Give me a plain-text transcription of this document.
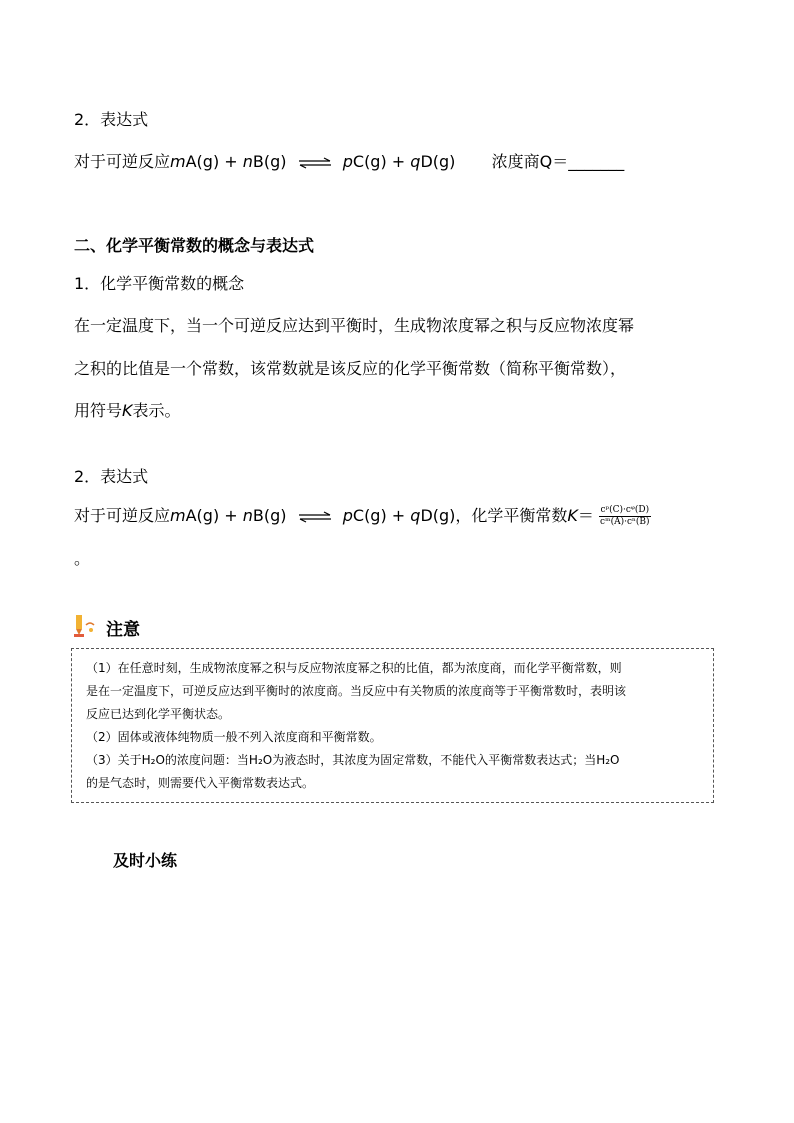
2．表达式
对于可逆反应mA(g) + nB(g) ⇌ pC(g) + qD(g) 浓度商Q＝_______
二、化学平衡常数的概念与表达式
1．化学平衡常数的概念
在一定温度下，当一个可逆反应达到平衡时，生成物浓度幂之积与反应物浓度幂
之积的比值是一个常数，该常数就是该反应的化学平衡常数（简称平衡常数），
用符号K表示。
2．表达式
对于可逆反应mA(g) + nB(g) ⇌ pC(g) + qD(g)，化学平衡常数$K= \frac{\text{cᵖ(C)·cᵠ(D)}}{\text{cᵐ(A)·cⁿ(B)}}$
。
注意

（1）在任意时刻，生成物浓度幂之积与反应物浓度幂之积的比值，都为浓度商，而化学平衡常数，则

是在一定温度下，可逆反应达到平衡时的浓度商。当反应中有关物质的浓度商等于平衡常数时，表明该

反应已达到化学平衡状态。

（2）固体或液体纯物质一般不列入浓度商和平衡常数。

（3）关于H₂O的浓度问题：当H₂O为液态时，其浓度为固定常数，不能代入平衡常数表达式；当H₂O

的是气态时，则需要代入平衡常数表达式。

及时小练
